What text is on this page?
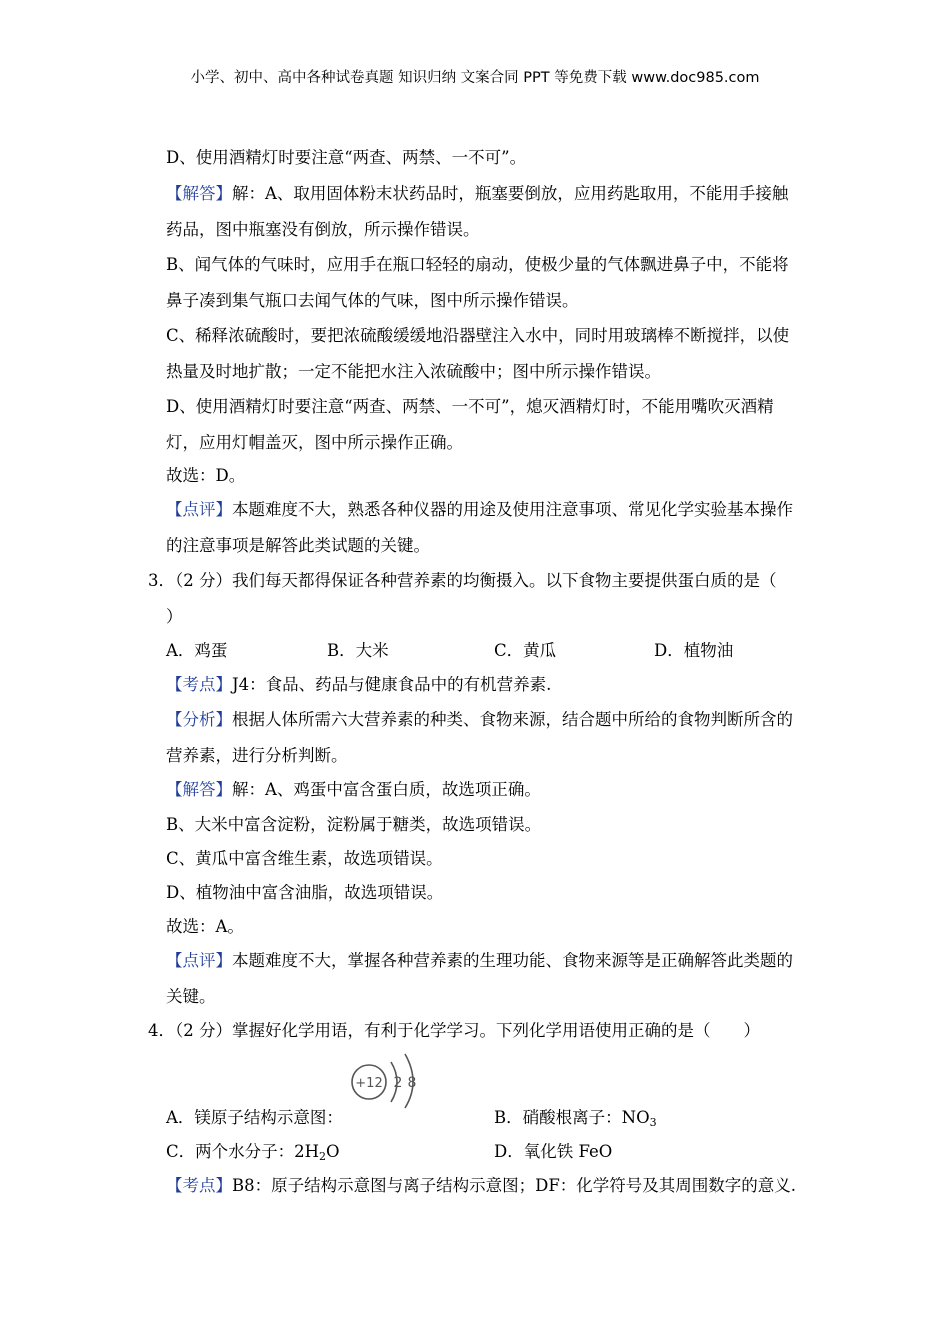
小学、初中、高中各种试卷真题 知识归纳 文案合同 PPT 等免费下载 www.doc985.com
D、使用酒精灯时要注意“两查、两禁、一不可”。
【解答】解：A、取用固体粉末状药品时，瓶塞要倒放，应用药匙取用，不能用手接触
药品，图中瓶塞没有倒放，所示操作错误。
B、闻气体的气味时，应用手在瓶口轻轻的扇动，使极少量的气体飘进鼻子中，不能将
鼻子凑到集气瓶口去闻气体的气味，图中所示操作错误。
C、稀释浓硫酸时，要把浓硫酸缓缓地沿器壁注入水中，同时用玻璃棒不断搅拌，以使
热量及时地扩散；一定不能把水注入浓硫酸中；图中所示操作错误。
D、使用酒精灯时要注意“两查、两禁、一不可”，熄灭酒精灯时，不能用嘴吹灭酒精
灯，应用灯帽盖灭，图中所示操作正确。
故选：D。
【点评】本题难度不大，熟悉各种仪器的用途及使用注意事项、常见化学实验基本操作
的注意事项是解答此类试题的关键。
3．（2 分）我们每天都得保证各种营养素的均衡摄入。以下食物主要提供蛋白质的是（
）
A．鸡蛋	B．大米	C．黄瓜	D．植物油
【考点】J4：食品、药品与健康食品中的有机营养素.
【分析】根据人体所需六大营养素的种类、食物来源，结合题中所给的食物判断所含的
营养素，进行分析判断。
【解答】解：A、鸡蛋中富含蛋白质，故选项正确。
B、大米中富含淀粉，淀粉属于糖类，故选项错误。
C、黄瓜中富含维生素，故选项错误。
D、植物油中富含油脂，故选项错误。
故选：A。
【点评】本题难度不大，掌握各种营养素的生理功能、食物来源等是正确解答此类题的
关键。
4．（2 分）掌握好化学用语，有利于化学学习。下列化学用语使用正确的是（　　）
+12 2 8
A．镁原子结构示意图：	B．硝酸根离子：$NO_3$
C．两个水分子：$2H_2O$	D．氧化铁 FeO
【考点】B8：原子结构示意图与离子结构示意图；DF：化学符号及其周围数字的意义.
